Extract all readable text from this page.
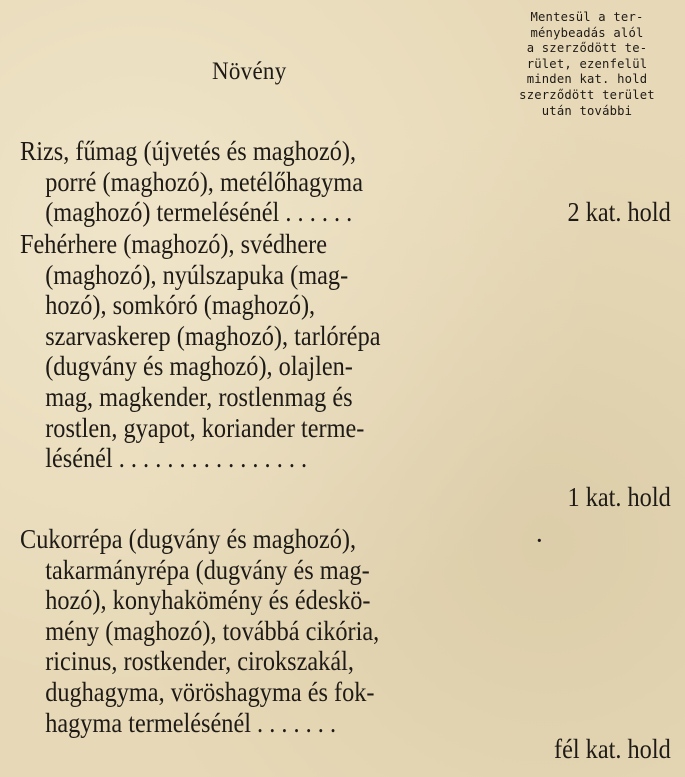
Növény
Mentesül a ter-
ménybeadás alól
a szerződött te-
rület, ezenfelül
minden kat. hold
szerződött terület
után további
Rizs, fűmag (újvetés és maghozó),
porré (maghozó), metélőhagyma
(maghozó) termelésénél . . . . . .	2 kat. hold
Fehérhere (maghozó), svédhere
(maghozó), nyúlszapuka (mag-
hozó), somkóró (maghozó),
szarvaskerep (maghozó), tarlórépa
(dugvány és maghozó), olajlen-
mag, magkender, rostlenmag és
rostlen, gyapot, koriander terme-
lésénél . . . . . . . . . . . . . . . .
1 kat. hold
·
Cukorrépa (dugvány és maghozó),
takarmányrépa (dugvány és mag-
hozó), konyhakömény és édeskö-
mény (maghozó), továbbá cikória,
ricinus, rostkender, cirokszakál,
dughagyma, vöröshagyma és fok-
hagyma termelésénél . . . . . . .
fél kat. hold
